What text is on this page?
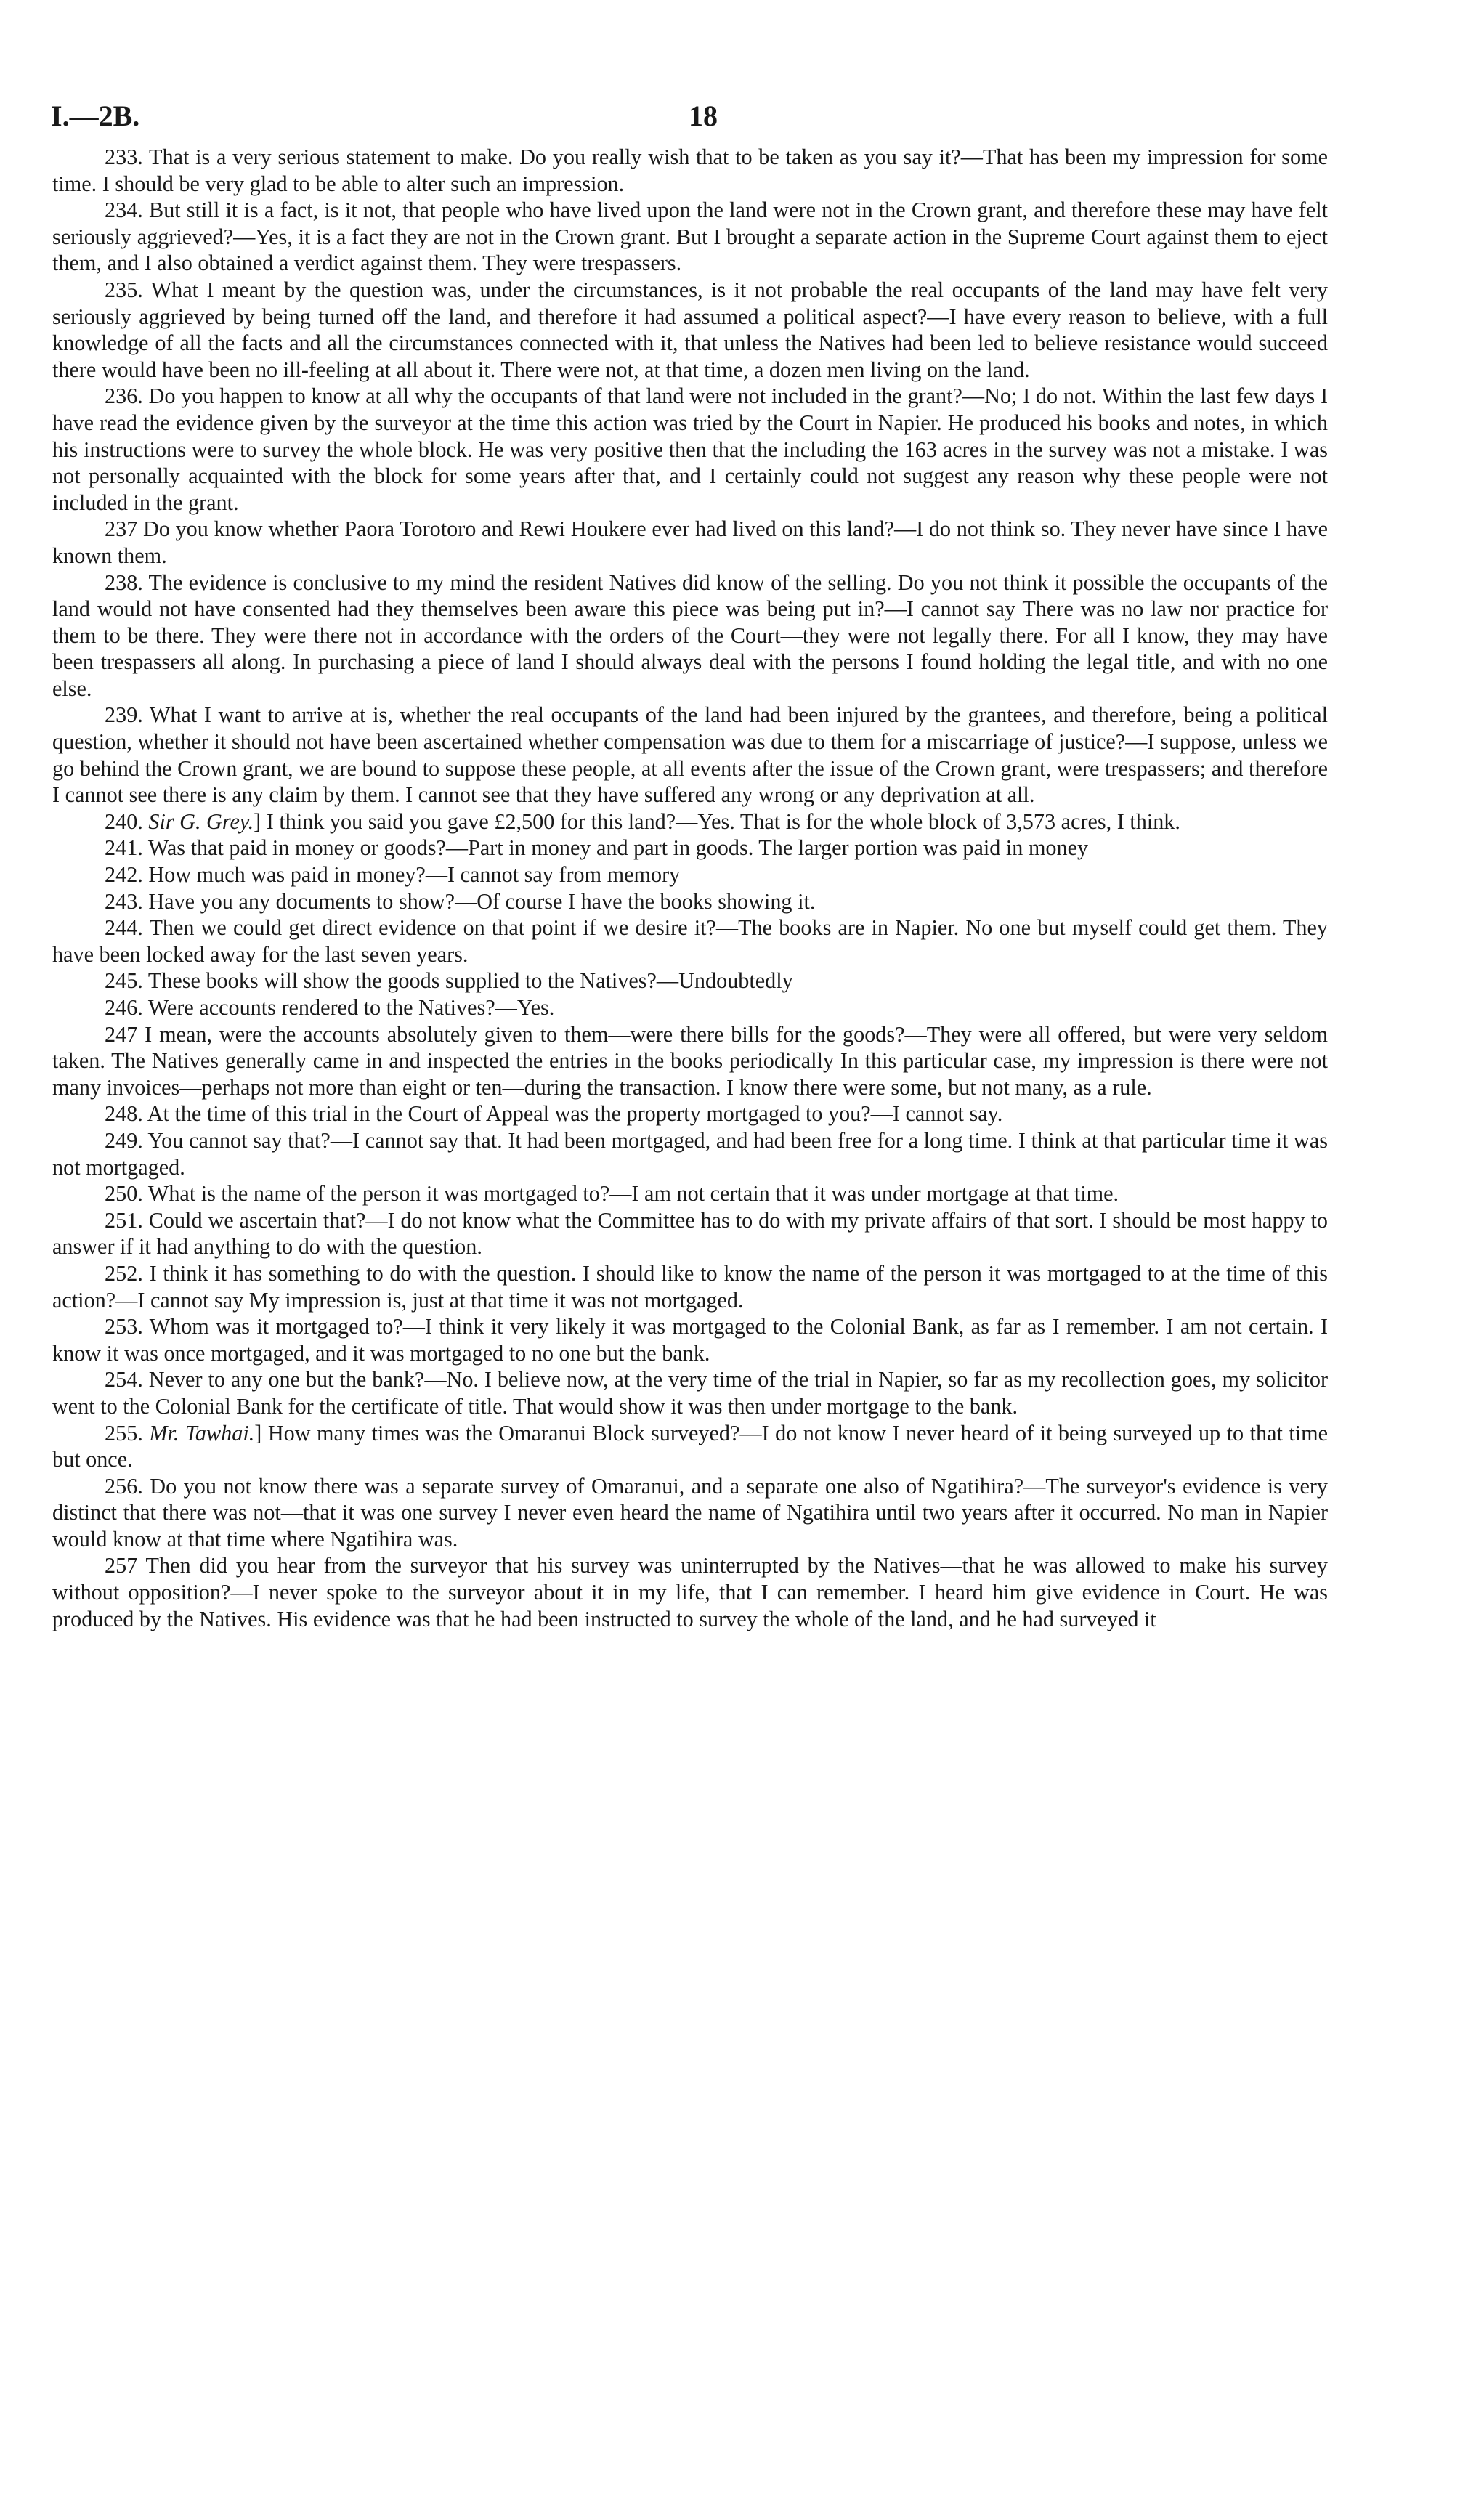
I.—2B.	18

233. That is a very serious statement to make. Do you really wish that to be taken as you say it?—That has been my impression for some time. I should be very glad to be able to alter such an impression.

234. But still it is a fact, is it not, that people who have lived upon the land were not in the Crown grant, and therefore these may have felt seriously aggrieved?—Yes, it is a fact they are not in the Crown grant. But I brought a separate action in the Supreme Court against them to eject them, and I also obtained a verdict against them. They were trespassers.

235. What I meant by the question was, under the circumstances, is it not probable the real occupants of the land may have felt very seriously aggrieved by being turned off the land, and therefore it had assumed a political aspect?—I have every reason to believe, with a full knowledge of all the facts and all the circumstances connected with it, that unless the Natives had been led to believe resistance would succeed there would have been no ill-feeling at all about it. There were not, at that time, a dozen men living on the land.

236. Do you happen to know at all why the occupants of that land were not included in the grant?—No; I do not. Within the last few days I have read the evidence given by the surveyor at the time this action was tried by the Court in Napier. He produced his books and notes, in which his instructions were to survey the whole block. He was very positive then that the including the 163 acres in the survey was not a mistake. I was not personally acquainted with the block for some years after that, and I certainly could not suggest any reason why these people were not included in the grant.

237 Do you know whether Paora Torotoro and Rewi Houkere ever had lived on this land?—I do not think so. They never have since I have known them.

238. The evidence is conclusive to my mind the resident Natives did know of the selling. Do you not think it possible the occupants of the land would not have consented had they themselves been aware this piece was being put in?—I cannot say There was no law nor practice for them to be there. They were there not in accordance with the orders of the Court—they were not legally there. For all I know, they may have been trespassers all along. In purchasing a piece of land I should always deal with the persons I found holding the legal title, and with no one else.

239. What I want to arrive at is, whether the real occupants of the land had been injured by the grantees, and therefore, being a political question, whether it should not have been ascertained whether compensation was due to them for a miscarriage of justice?—I suppose, unless we go behind the Crown grant, we are bound to suppose these people, at all events after the issue of the Crown grant, were trespassers; and therefore I cannot see there is any claim by them. I cannot see that they have suffered any wrong or any deprivation at all.

240. Sir G. Grey.] I think you said you gave £2,500 for this land?—Yes. That is for the whole block of 3,573 acres, I think.

241. Was that paid in money or goods?—Part in money and part in goods. The larger portion was paid in money

242. How much was paid in money?—I cannot say from memory

243. Have you any documents to show?—Of course I have the books showing it.

244. Then we could get direct evidence on that point if we desire it?—The books are in Napier. No one but myself could get them. They have been locked away for the last seven years.

245. These books will show the goods supplied to the Natives?—Undoubtedly

246. Were accounts rendered to the Natives?—Yes.

247 I mean, were the accounts absolutely given to them—were there bills for the goods?—They were all offered, but were very seldom taken. The Natives generally came in and inspected the entries in the books periodically In this particular case, my impression is there were not many invoices—perhaps not more than eight or ten—during the transaction. I know there were some, but not many, as a rule.

248. At the time of this trial in the Court of Appeal was the property mortgaged to you?—I cannot say.

249. You cannot say that?—I cannot say that. It had been mortgaged, and had been free for a long time. I think at that particular time it was not mortgaged.

250. What is the name of the person it was mortgaged to?—I am not certain that it was under mortgage at that time.

251. Could we ascertain that?—I do not know what the Committee has to do with my private affairs of that sort. I should be most happy to answer if it had anything to do with the question.

252. I think it has something to do with the question. I should like to know the name of the person it was mortgaged to at the time of this action?—I cannot say My impression is, just at that time it was not mortgaged.

253. Whom was it mortgaged to?—I think it very likely it was mortgaged to the Colonial Bank, as far as I remember. I am not certain. I know it was once mortgaged, and it was mortgaged to no one but the bank.

254. Never to any one but the bank?—No. I believe now, at the very time of the trial in Napier, so far as my recollection goes, my solicitor went to the Colonial Bank for the certificate of title. That would show it was then under mortgage to the bank.

255. Mr. Tawhai.] How many times was the Omaranui Block surveyed?—I do not know I never heard of it being surveyed up to that time but once.

256. Do you not know there was a separate survey of Omaranui, and a separate one also of Ngatihira?—The surveyor's evidence is very distinct that there was not—that it was one survey I never even heard the name of Ngatihira until two years after it occurred. No man in Napier would know at that time where Ngatihira was.

257 Then did you hear from the surveyor that his survey was uninterrupted by the Natives—that he was allowed to make his survey without opposition?—I never spoke to the surveyor about it in my life, that I can remember. I heard him give evidence in Court. He was produced by the Natives. His evidence was that he had been instructed to survey the whole of the land, and he had surveyed it
